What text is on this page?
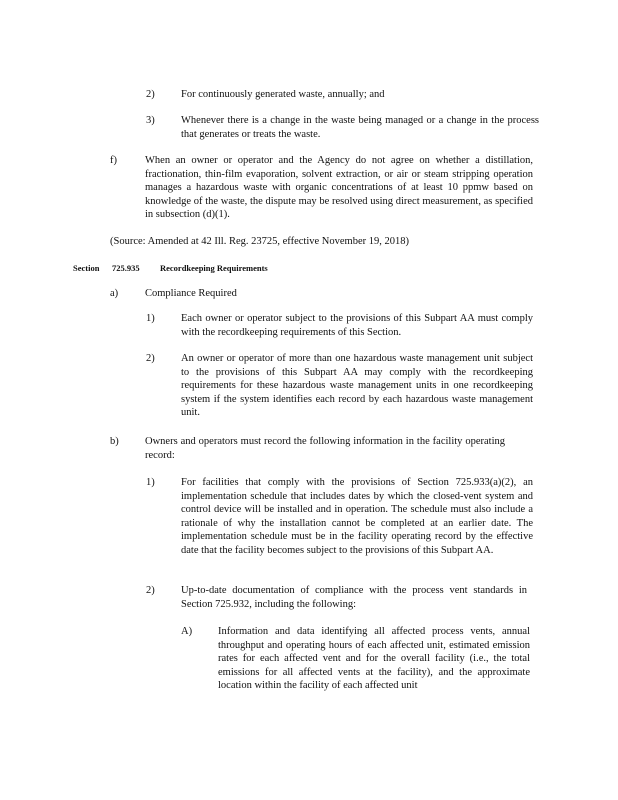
2)	For continuously generated waste, annually; and

3)	Whenever there is a change in the waste being managed or a change in the process that generates or treats the waste.

f)	When an owner or operator and the Agency do not agree on whether a distillation, fractionation, thin-film evaporation, solvent extraction, or air or steam stripping operation manages a hazardous waste with organic concentrations of at least 10 ppmw based on knowledge of the waste, the dispute may be resolved using direct measurement, as specified in subsection (d)(1).

(Source: Amended at 42 Ill. Reg. 23725, effective November 19, 2018)

Section 725.935 Recordkeeping Requirements

a)	Compliance Required

1)	Each owner or operator subject to the provisions of this Subpart AA must comply with the recordkeeping requirements of this Section.

2)	An owner or operator of more than one hazardous waste management unit subject to the provisions of this Subpart AA may comply with the recordkeeping requirements for these hazardous waste management units in one recordkeeping system if the system identifies each record by each hazardous waste management unit.

b)	Owners and operators must record the following information in the facility operating record:

1)	For facilities that comply with the provisions of Section 725.933(a)(2), an implementation schedule that includes dates by which the closed-vent system and control device will be installed and in operation. The schedule must also include a rationale of why the installation cannot be completed at an earlier date. The implementation schedule must be in the facility operating record by the effective date that the facility becomes subject to the provisions of this Subpart AA.

2)	Up-to-date documentation of compliance with the process vent standards in Section 725.932, including the following:

A) Information and data identifying all affected process vents, annual throughput and operating hours of each affected unit, estimated emission rates for each affected vent and for the overall facility (i.e., the total emissions for all affected vents at the facility), and the approximate location within the facility of each affected unit
